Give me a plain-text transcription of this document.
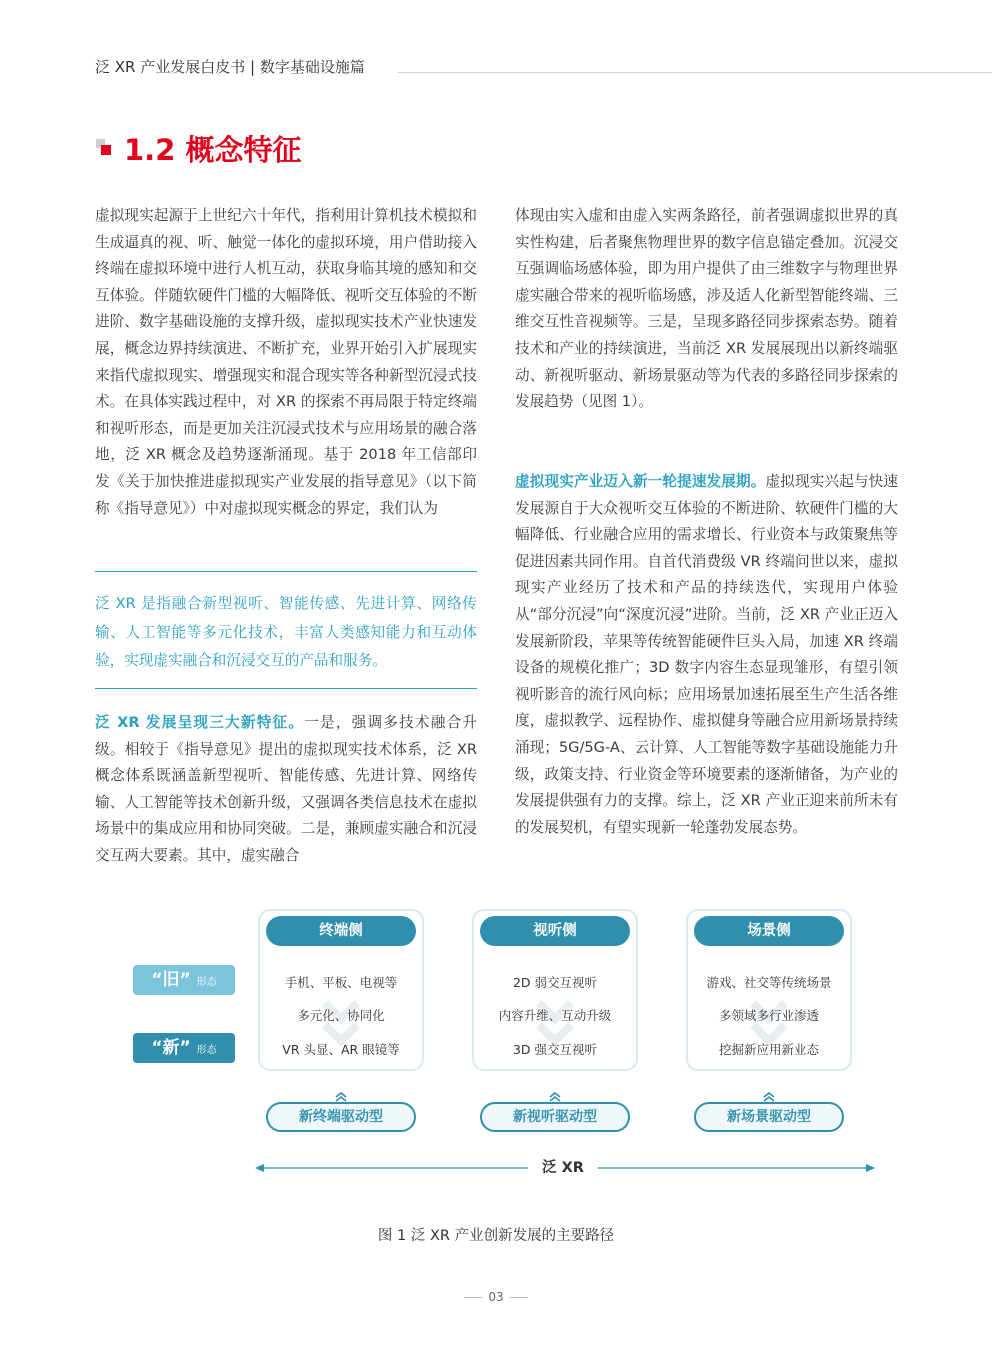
泛 XR 产业发展白皮书 | 数字基础设施篇
1.2 概念特征

虚拟现实起源于上世纪六十年代，指利用计算机技术模拟和生成逼真的视、听、触觉一体化的虚拟环境，用户借助接入终端在虚拟环境中进行人机互动，获取身临其境的感知和交互体验。伴随软硬件门槛的大幅降低、视听交互体验的不断进阶、数字基础设施的支撑升级，虚拟现实技术产业快速发展，概念边界持续演进、不断扩充，业界开始引入扩展现实来指代虚拟现实、增强现实和混合现实等各种新型沉浸式技术。在具体实践过程中，对 XR 的探索不再局限于特定终端和视听形态，而是更加关注沉浸式技术与应用场景的融合落地，泛 XR 概念及趋势逐渐涌现。基于 2018 年工信部印发《关于加快推进虚拟现实产业发展的指导意见》（以下简称《指导意见》）中对虚拟现实概念的界定，我们认为

泛 XR 是指融合新型视听、智能传感、先进计算、网络传输、人工智能等多元化技术，丰富人类感知能力和互动体验，实现虚实融合和沉浸交互的产品和服务。

泛 XR 发展呈现三大新特征。一是，强调多技术融合升级。相较于《指导意见》提出的虚拟现实技术体系，泛 XR 概念体系既涵盖新型视听、智能传感、先进计算、网络传输、人工智能等技术创新升级，又强调各类信息技术在虚拟场景中的集成应用和协同突破。二是，兼顾虚实融合和沉浸交互两大要素。其中，虚实融合

体现由实入虚和由虚入实两条路径，前者强调虚拟世界的真实性构建，后者聚焦物理世界的数字信息锚定叠加。沉浸交互强调临场感体验，即为用户提供了由三维数字与物理世界虚实融合带来的视听临场感，涉及适人化新型智能终端、三维交互性音视频等。三是，呈现多路径同步探索态势。随着技术和产业的持续演进，当前泛 XR 发展展现出以新终端驱动、新视听驱动、新场景驱动等为代表的多路径同步探索的发展趋势（见图 1）。

虚拟现实产业迈入新一轮提速发展期。虚拟现实兴起与快速发展源自于大众视听交互体验的不断进阶、软硬件门槛的大幅降低、行业融合应用的需求增长、行业资本与政策聚焦等促进因素共同作用。自首代消费级 VR 终端问世以来，虚拟现实产业经历了技术和产品的持续迭代，实现用户体验从“部分沉浸”向“深度沉浸”进阶。当前，泛 XR 产业正迈入发展新阶段，苹果等传统智能硬件巨头入局，加速 XR 终端设备的规模化推广；3D 数字内容生态显现雏形，有望引领视听影音的流行风向标；应用场景加速拓展至生产生活各维度，虚拟教学、远程协作、虚拟健身等融合应用新场景持续涌现；5G/5G-A、云计算、人工智能等数字基础设施能力升级，政策支持、行业资金等环境要素的逐渐储备，为产业的发展提供强有力的支撑。综上，泛 XR 产业正迎来前所未有的发展契机，有望实现新一轮蓬勃发展态势。

“旧” 形态
“新” 形态
终端侧
手机、平板、电视等
多元化、协同化
VR 头显、AR 眼镜等
视听侧
2D 弱交互视听
内容升维、互动升级
3D 强交互视听
场景侧
游戏、社交等传统场景
多领域多行业渗透
挖掘新应用新业态
新终端驱动型	新视听驱动型	新场景驱动型
泛 XR
图 1 泛 XR 产业创新发展的主要路径
03
